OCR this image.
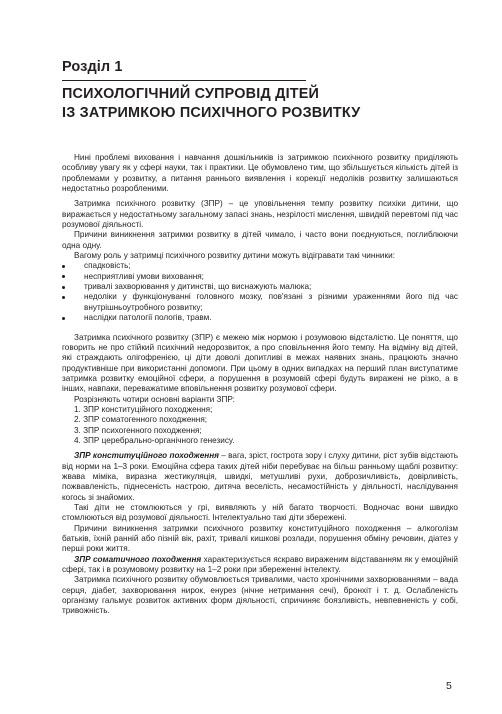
Розділ 1
ПСИХОЛОГІЧНИЙ СУПРОВІД ДІТЕЙ
ІЗ ЗАТРИМКОЮ ПСИХІЧНОГО РОЗВИТКУ

Нині проблемі виховання і навчання дошкільників із затримкою психічного розвитку приділяють особливу увагу як у сфері науки, так і практики. Це обумовлено тим, що збільшується кількість дітей із проблемами у розвитку, а питання раннього виявлення і корекції недоліків розвитку залишаються недостатньо розробленими.

Затримка психічного розвитку (ЗПР) – це уповільнення темпу розвитку психіки дитини, що виражається у недостатньому загальному запасі знань, незрілості мислення, швидкій перевтомі під час розумової діяльності.

Причини виникнення затримки розвитку в дітей чимало, і часто вони поєднуються, поглиблюючи одна одну.

Вагому роль у затримці психічного розвитку дитини можуть відігравати такі чинники:

спадковість;
несприятливі умови виховання;
тривалі захворювання у дитинстві, що виснажують малюка;
недоліки у функціонуванні головного мозку, пов'язані з різними ураженнями його під час внутрішньоутробного розвитку;
наслідки патології пологів, травм.

Затримка психічного розвитку (ЗПР) є межею між нормою і розумовою відсталістю. Це поняття, що говорить не про стійкий психічний недорозвиток, а про сповільнення його темпу. На відміну від дітей, які страждають олігофренією, ці діти доволі допитливі в межах наявних знань, працюють значно продуктивніше при використанні допомоги. При цьому в одних випадках на перший план виступатиме затримка розвитку емоційної сфери, а порушення в розумовій сфері будуть виражені не різко, а в інших, навпаки, переважатиме вповільнення розвитку розумової сфери.

Розрізняють чотири основні варіанти ЗПР:

1. ЗПР конституційного походження;
2. ЗПР соматогенного походження;
3. ЗПР психогенного походження;
4. ЗПР церебрально-органічного генезису.

ЗПР конституційного походження – вага, зріст, гострота зору і слуху дитини, ріст зубів відстають від норми на 1–3 роки. Емоційна сфера таких дітей ніби перебуває на більш ранньому щаблі розвитку: жвава міміка, виразна жестикуляція, швидкі, метушливі рухи, доброзичливість, довірливість, пожвавленість, піднесеність настрою, дитяча веселість, несамостійність у діяльності, наслідування когось зі знайомих.

Такі діти не стомлюються у грі, виявляють у ній багато творчості. Водночас вони швидко стомлюються від розумової діяльності. Інтелектуально такі діти збережені.

Причини виникнення затримки психічного розвитку конституційного походження – алкоголізм батьків, їхній ранній або пізній вік, рахіт, тривалі кишкові розлади, порушення обміну речовин, діатез у перші роки життя.

ЗПР соматичного походження характеризується яскраво вираженим відставанням як у емоційній сфері, так і в розумовому розвитку на 1–2 роки при збереженні інтелекту.

Затримка психічного розвитку обумовлюється тривалими, часто хронічними захворюваннями – вада серця, діабет, захворювання нирок, енурез (нічне нетримання сечі), бронхіт і т. д. Ослабленість організму гальмує розвиток активних форм діяльності, спричиняє боязливість, невпевненість у собі, тривожність.

5
